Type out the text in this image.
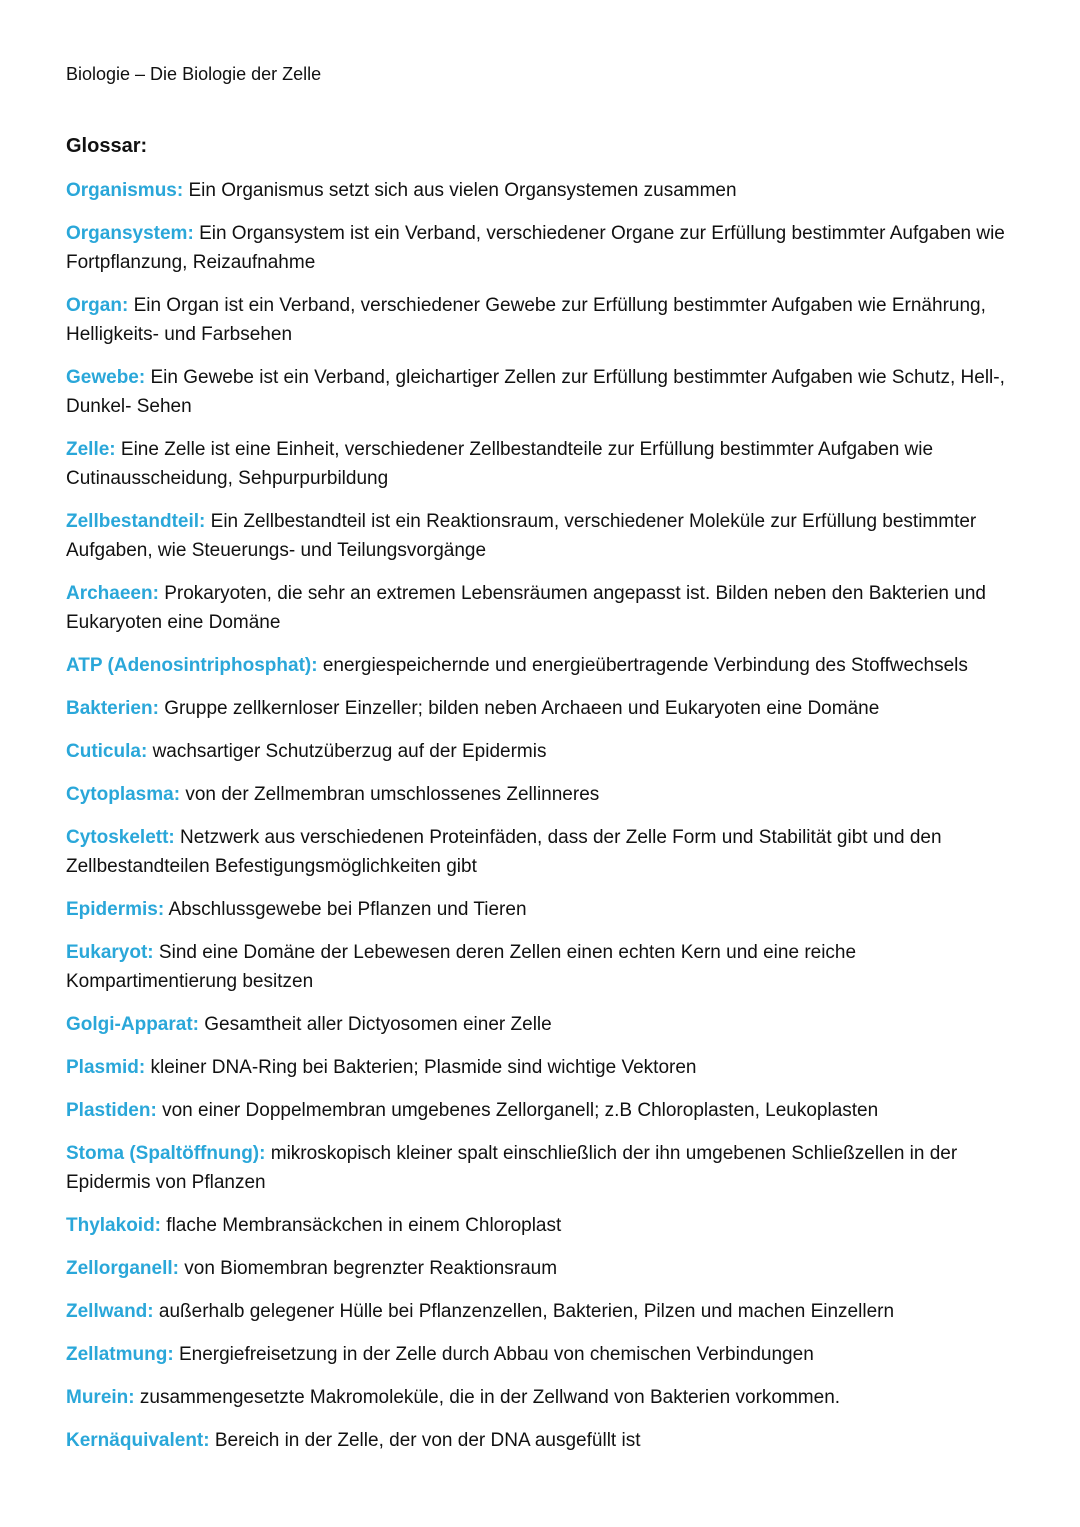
Biologie – Die Biologie der Zelle
Glossar:
Organismus: Ein Organismus setzt sich aus vielen Organsystemen zusammen
Organsystem: Ein Organsystem ist ein Verband, verschiedener Organe zur Erfüllung bestimmter Aufgaben wie Fortpflanzung, Reizaufnahme
Organ: Ein Organ ist ein Verband, verschiedener Gewebe zur Erfüllung bestimmter Aufgaben wie Ernährung, Helligkeits- und Farbsehen
Gewebe: Ein Gewebe ist ein Verband, gleichartiger Zellen zur Erfüllung bestimmter Aufgaben wie Schutz, Hell-, Dunkel- Sehen
Zelle: Eine Zelle ist eine Einheit, verschiedener Zellbestandteile zur Erfüllung bestimmter Aufgaben wie Cutinausscheidung, Sehpurpurbildung
Zellbestandteil: Ein Zellbestandteil ist ein Reaktionsraum, verschiedener Moleküle zur Erfüllung bestimmter Aufgaben, wie Steuerungs- und Teilungsvorgänge
Archaeen: Prokaryoten, die sehr an extremen Lebensräumen angepasst ist. Bilden neben den Bakterien und Eukaryoten eine Domäne
ATP (Adenosintriphosphat): energiespeichernde und energieübertragende Verbindung des Stoffwechsels
Bakterien: Gruppe zellkernloser Einzeller; bilden neben Archaeen und Eukaryoten eine Domäne
Cuticula: wachsartiger Schutzüberzug auf der Epidermis
Cytoplasma: von der Zellmembran umschlossenes Zellinneres
Cytoskelett: Netzwerk aus verschiedenen Proteinfäden, dass der Zelle Form und Stabilität gibt und den Zellbestandteilen Befestigungsmöglichkeiten gibt
Epidermis: Abschlussgewebe bei Pflanzen und Tieren
Eukaryot: Sind eine Domäne der Lebewesen deren Zellen einen echten Kern und eine reiche Kompartimentierung besitzen
Golgi-Apparat: Gesamtheit aller Dictyosomen einer Zelle
Plasmid: kleiner DNA-Ring bei Bakterien; Plasmide sind wichtige Vektoren
Plastiden: von einer Doppelmembran umgebenes Zellorganell; z.B Chloroplasten, Leukoplasten
Stoma (Spaltöffnung): mikroskopisch kleiner spalt einschließlich der ihn umgebenen Schließzellen in der Epidermis von Pflanzen
Thylakoid: flache Membransäckchen in einem Chloroplast
Zellorganell: von Biomembran begrenzter Reaktionsraum
Zellwand: außerhalb gelegener Hülle bei Pflanzenzellen, Bakterien, Pilzen und machen Einzellern
Zellatmung: Energiefreisetzung in der Zelle durch Abbau von chemischen Verbindungen
Murein: zusammengesetzte Makromoleküle, die in der Zellwand von Bakterien vorkommen.
Kernäquivalent: Bereich in der Zelle, der von der DNA ausgefüllt ist
